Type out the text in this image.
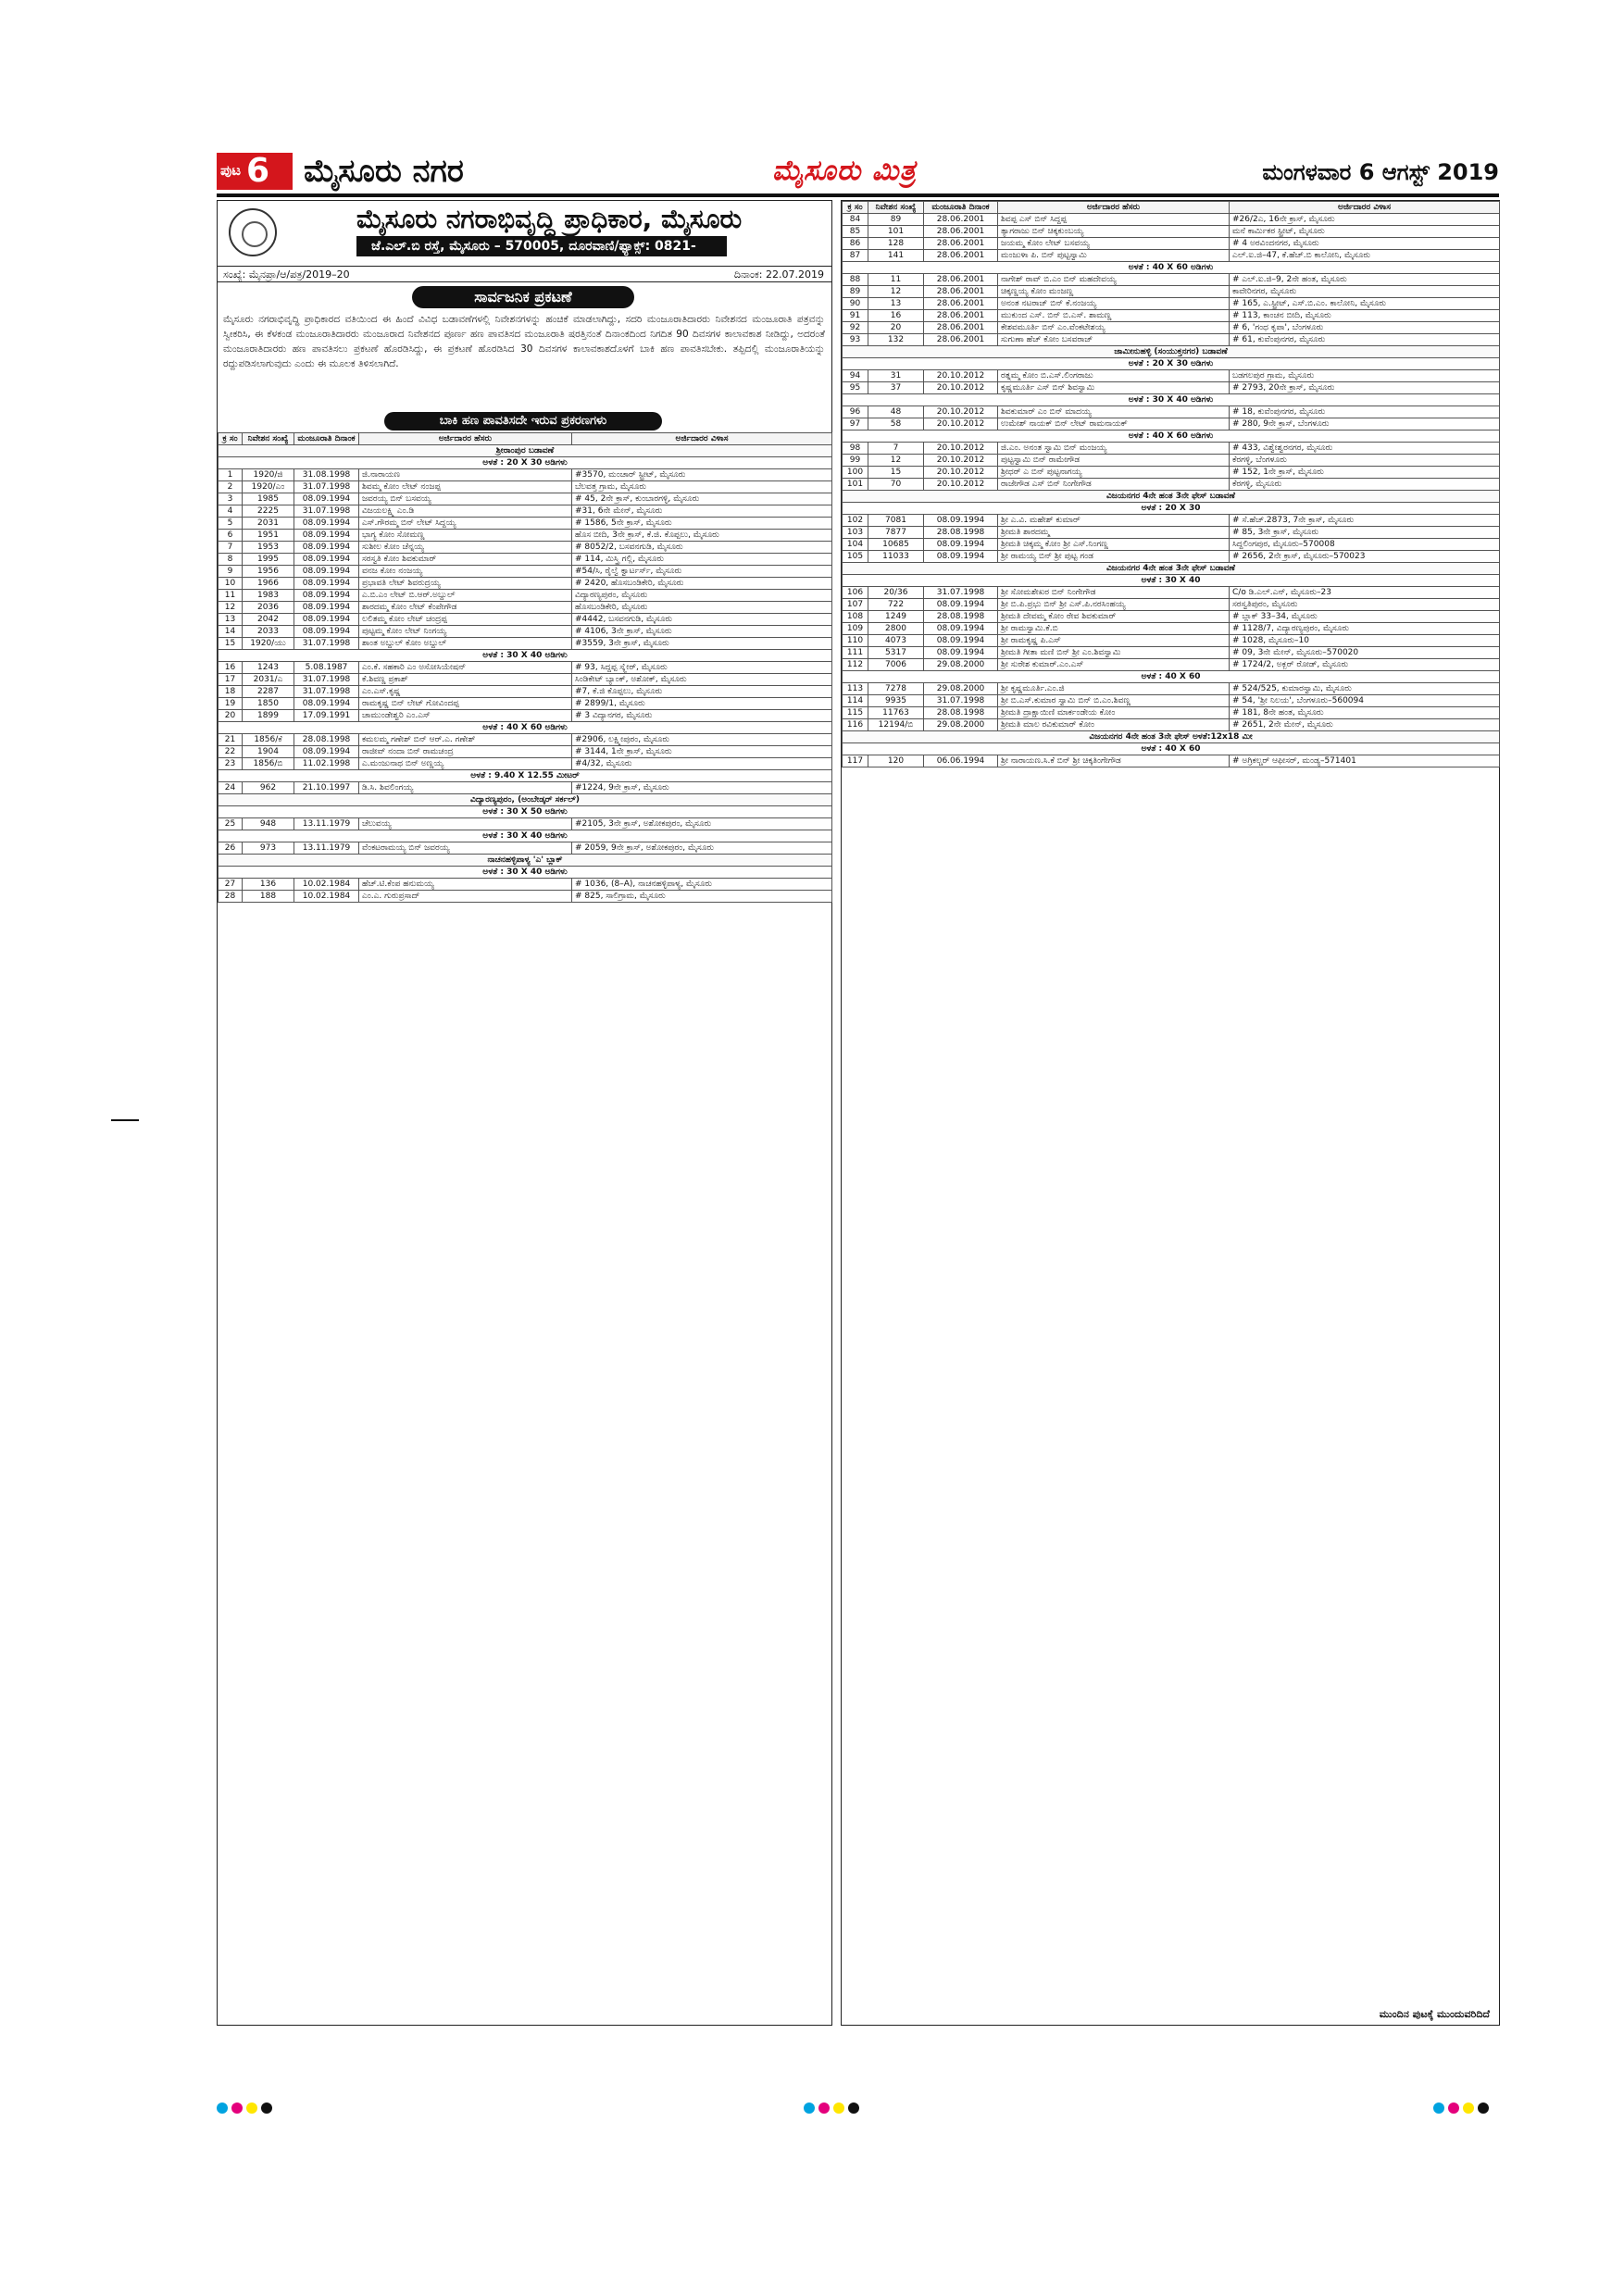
ಪುಟ 6 ಮೈಸೂರು ನಗರ	ಮೈಸೂರು ಮಿತ್ರ	ಮಂಗಳವಾರ 6 ಆಗಸ್ಟ್ 2019
ಮೈಸೂರು ನಗರಾಭಿವೃದ್ಧಿ ಪ್ರಾಧಿಕಾರ, ಮೈಸೂರು
ಜೆ.ಎಲ್.ಬಿ ರಸ್ತೆ, ಮೈಸೂರು – 570005, ದೂರವಾಣಿ/ಫ್ಯಾಕ್ಸ್: 0821-2420624
ಸಂಖ್ಯೆ: ಮೈನಪ್ರಾ/ಆ/ಪತ್ರ/2019–20	ದಿನಾಂಕ: 22.07.2019
ಸಾರ್ವಜನಿಕ ಪ್ರಕಟಣೆ
ಮೈಸೂರು ನಗರಾಭಿವೃದ್ಧಿ ಪ್ರಾಧಿಕಾರದ ವತಿಯಿಂದ ಈ ಹಿಂದೆ ವಿವಿಧ ಬಡಾವಣೆಗಳಲ್ಲಿ ನಿವೇಶನಗಳನ್ನು ಹಂಚಿಕೆ ಮಾಡಲಾಗಿದ್ದು, ಸದರಿ ಮಂಜೂರಾತಿದಾರರು ನಿವೇಶನದ ಮಂಜೂರಾತಿ ಪತ್ರವನ್ನು ಸ್ವೀಕರಿಸಿ, ಈ ಕೆಳಕಂಡ ಮಂಜೂರಾತಿದಾರರು ಮಂಜೂರಾದ ನಿವೇಶನದ ಪೂರ್ಣ ಹಣ ಪಾವತಿಸದ ಮಂಜೂರಾತಿ ಷರತ್ತಿನಂತೆ ದಿನಾಂಕದಿಂದ ನಿಗದಿತ 90 ದಿವಸಗಳ ಕಾಲಾವಕಾಶ ನೀಡಿದ್ದು, ಅದರಂತೆ ಮಂಜೂರಾತಿದಾರರು ಹಣ ಪಾವತಿಸಲು ಪ್ರಕಟಣೆ ಹೊರಡಿಸಿದ್ದು, ಈ ಪ್ರಕಟಣೆ ಹೊರಡಿಸಿದ 30 ದಿವಸಗಳ ಕಾಲಾವಕಾಶದೊಳಗೆ ಬಾಕಿ ಹಣ ಪಾವತಿಸಬೇಕು. ತಪ್ಪಿದಲ್ಲಿ ಮಂಜೂರಾತಿಯನ್ನು ರದ್ದುಪಡಿಸಲಾಗುವುದು ಎಂದು ಈ ಮೂಲಕ ತಿಳಿಸಲಾಗಿದೆ.
ಬಾಕಿ ಹಣ ಪಾವತಿಸದೇ ಇರುವ ಪ್ರಕರಣಗಳು
ಕ್ರ ಸಂ	ನಿವೇಶನ ಸಂಖ್ಯೆ	ಮಂಜೂರಾತಿ ದಿನಾಂಕ	ಅರ್ಜಿದಾರರ ಹೆಸರು	ಅರ್ಜಿದಾರರ ವಿಳಾಸ
ಶ್ರೀರಾಂಪುರ ಬಡಾವಣೆ				
ಅಳತೆ : 20 X 30 ಅಡಿಗಳು				
1	1920/ಜಿ	31.08.1998	ಜಿ.ನಾರಾಯಣ	#3570, ಮಂಚಾರ್ ಸ್ಟ್ರೀಟ್, ಮೈಸೂರು
2	1920/ಎಂ	31.07.1998	ಶಿವಮ್ಮ ಕೋಂ ಲೇಟ್ ನಂಜಪ್ಪ	ಬೆಲವತ್ತ ಗ್ರಾಮ, ಮೈಸೂರು
3	1985	08.09.1994	ಜವರಯ್ಯ ಬಿನ್ ಬಸವಯ್ಯ	# 45, 2ನೇ ಕ್ರಾಸ್, ಕುಂಬಾರಗಳ್ಳಿ, ಮೈಸೂರು
4	2225	31.07.1998	ವಿಜಯಲಕ್ಷ್ಮಿ ಎಂ.ಡಿ	#31, 6ನೇ ಮೇನ್, ಮೈಸೂರು
5	2031	08.09.1994	ಎಸ್.ಗೌರಮ್ಮ ಬಿನ್ ಲೇಟ್ ಸಿದ್ದಯ್ಯ	# 1586, 5ನೇ ಕ್ರಾಸ್, ಮೈಸೂರು
6	1951	08.09.1994	ಭಾಗ್ಯ ಕೋಂ ಸೋಮಣ್ಣ	ಹೊಸ ಬೀದಿ, 3ನೇ ಕ್ರಾಸ್, ಕೆ.ಜಿ. ಕೊಪ್ಪಲು, ಮೈಸೂರು
7	1953	08.09.1994	ಸುಶೀಲ ಕೋಂ ಚೆನ್ನಯ್ಯ	# 8052/2, ಬಸವನಗುಡಿ, ಮೈಸೂರು
8	1995	08.09.1994	ಸರಸ್ವತಿ ಕೋಂ ಶಿವಕುಮಾರ್	# 114, ಮಿಸ್ತ್ರಿ ಗಲ್ಲಿ, ಮೈಸೂರು
9	1956	08.09.1994	ವನಜ ಕೋಂ ನಂಜಯ್ಯ	#54/ಸಿ, ರೈಲ್ವೆ ಕ್ವಾರ್ಟರ್ಸ್, ಮೈಸೂರು
10	1966	08.09.1994	ಪ್ರಭಾವತಿ ಲೇಟ್ ಶಿವರುದ್ರಯ್ಯ	# 2420, ಹೊಸಬಂಡಿಕೇರಿ, ಮೈಸೂರು
11	1983	08.09.1994	ಎ.ಬಿ.ಎಂ ಲೇಟ್ ಬಿ.ಆರ್.ಅಬ್ದುಲ್	ವಿದ್ಯಾರಣ್ಯಪುರಂ, ಮೈಸೂರು
12	2036	08.09.1994	ಶಾರದಮ್ಮ ಕೋಂ ಲೇಟ್ ಕೆಂಪೇಗೌಡ	ಹೊಸಬಂಡಿಕೇರಿ, ಮೈಸೂರು
13	2042	08.09.1994	ಲಲಿತಮ್ಮ ಕೋಂ ಲೇಟ್ ಚಂದ್ರಪ್ಪ	#4442, ಬಸವನಗುಡಿ, ಮೈಸೂರು
14	2033	08.09.1994	ಪುಟ್ಟಮ್ಮ ಕೋಂ ಲೇಟ್ ನಿಂಗಯ್ಯ	# 4106, 3ನೇ ಕ್ರಾಸ್, ಮೈಸೂರು
15	1920/ಯು	31.07.1998	ಶಾಂತ ಅಬ್ದುಲ್ ಕೋಂ ಅಬ್ದುಲ್	#3559, 3ನೇ ಕ್ರಾಸ್, ಮೈಸೂರು
ಅಳತೆ : 30 X 40 ಅಡಿಗಳು				
16	1243	5.08.1987	ಎಂ.ಕೆ. ಸಹಕಾರಿ ಎಂ ಅಸೋಸಿಯೇಷನ್	# 93, ಸಿದ್ದಪ್ಪ ಸ್ಕ್ವೇರ್, ಮೈಸೂರು
17	2031/ಎ	31.07.1998	ಕೆ.ಶಿವಣ್ಣ ಪ್ರಕಾಶ್	ಸಿಂಡಿಕೇಟ್ ಬ್ಯಾಂಕ್, ಅಶೋಕ್, ಮೈಸೂರು
18	2287	31.07.1998	ಎಂ.ಎಸ್.ಕೃಷ್ಣ	#7, ಕೆ.ಜಿ ಕೊಪ್ಪಲು, ಮೈಸೂರು
19	1850	08.09.1994	ರಾಮಕೃಷ್ಣ ಬಿನ್ ಲೇಟ್ ಗೋವಿಂದಪ್ಪ	# 2899/1, ಮೈಸೂರು
20	1899	17.09.1991	ಚಾಮುಂಡೇಶ್ವರಿ ಎಂ.ಎಸ್	# 3 ವಿದ್ಯಾನಗರ, ಮೈಸೂರು
ಅಳತೆ : 40 X 60 ಅಡಿಗಳು				
21	1856/ಕೆ	28.08.1998	ಕಮಲಮ್ಮ ಗಣೇಶ್ ಬಿನ್ ಆರ್.ಎ. ಗಣೇಶ್	#2906, ಲಕ್ಷ್ಮೀಪುರಂ, ಮೈಸೂರು
22	1904	08.09.1994	ರಾಜೀವ್ ನಂದಾ ಬಿನ್ ರಾಮಚಂದ್ರ	# 3144, 1ನೇ ಕ್ರಾಸ್, ಮೈಸೂರು
23	1856/ಬಿ	11.02.1998	ಎ.ಮಂಜುನಾಥ ಬಿನ್ ಅಣ್ಣಯ್ಯ	#4/32, ಮೈಸೂರು
ಅಳತೆ : 9.40 X 12.55 ಮೀಟರ್				
24	962	21.10.1997	ಡಿ.ಸಿ. ಶಿವಲಿಂಗಯ್ಯ	#1224, 9ನೇ ಕ್ರಾಸ್, ಮೈಸೂರು
ವಿದ್ಯಾರಣ್ಯಪುರಂ, (ಅಂಬೇಡ್ಕರ್ ಸರ್ಕಲ್)				
ಅಳತೆ : 30 X 50 ಅಡಿಗಳು				
25	948	13.11.1979	ಚೆಲುವಯ್ಯ	#2105, 3ನೇ ಕ್ರಾಸ್, ಅಶೋಕಪುರಂ, ಮೈಸೂರು
ಅಳತೆ : 30 X 40 ಅಡಿಗಳು				
26	973	13.11.1979	ವೆಂಕಟರಾಮಯ್ಯ ಬಿನ್ ಜವರಯ್ಯ	# 2059, 9ನೇ ಕ್ರಾಸ್, ಅಶೋಕಪುರಂ, ಮೈಸೂರು
ನಾಚನಹಳ್ಳಿಪಾಳ್ಯ 'ಎ' ಬ್ಲಾಕ್				
ಅಳತೆ : 30 X 40 ಅಡಿಗಳು				
27	136	10.02.1984	ಹೆಚ್.ಟಿ.ಕೆಂಪ ಹನುಮಯ್ಯ	# 1036, (8–A), ನಾಚನಹಳ್ಳಿಪಾಳ್ಯ, ಮೈಸೂರು
28	188	10.02.1984	ಎಂ.ಎ. ಗುರುಪ್ರಸಾದ್	# 825, ಸಾಲಿಗ್ರಾಮ, ಮೈಸೂರು
ಕ್ರ ಸಂ	ನಿವೇಶನ ಸಂಖ್ಯೆ	ಮಂಜೂರಾತಿ ದಿನಾಂಕ	ಅರ್ಜಿದಾರರ ಹೆಸರು	ಅರ್ಜಿದಾರರ ವಿಳಾಸ
84	89	28.06.2001	ಶಿವಪ್ಪ ಎಸ್ ಬಿನ್ ಸಿದ್ದಪ್ಪ	#26/2ಎ, 16ನೇ ಕ್ರಾಸ್, ಮೈಸೂರು
85	101	28.06.2001	ತ್ಯಾಗರಾಜು ಬಿನ್ ಚಿಕ್ಕಕುಂಬಯ್ಯ	ಮನೆ ಕಾರ್ಮಿಕರ ಸ್ಟ್ರೀಟ್, ಮೈಸೂರು
86	128	28.06.2001	ಜಯಮ್ಮ ಕೋಂ ಲೇಟ್ ಬಸವಯ್ಯ	# 4 ಅರವಿಂದನಗರ, ಮೈಸೂರು
87	141	28.06.2001	ಮಂಜುಳಾ ಪಿ. ಬಿನ್ ಪುಟ್ಟಸ್ವಾಮಿ	ಎಲ್.ಐ.ಜಿ–47, ಕೆ.ಹೆಚ್.ಬಿ ಕಾಲೋನಿ, ಮೈಸೂರು
ಅಳತೆ : 40 X 60 ಅಡಿಗಳು				
88	11	28.06.2001	ನಾಗೇಶ್ ರಾವ್ ಬಿ.ಎಂ ಬಿನ್ ಮಹದೇವಯ್ಯ	# ಎಲ್.ಐ.ಜಿ–9, 2ನೇ ಹಂತ, ಮೈಸೂರು
89	12	28.06.2001	ಚಿಕ್ಕಣ್ಣಯ್ಯ ಕೋಂ ಮಂಜಣ್ಣ	ಕಾವೇರಿನಗರ, ಮೈಸೂರು
90	13	28.06.2001	ಅನಂತ ನಟರಾಜ್ ಬಿನ್ ಕೆ.ನಂಜಯ್ಯ	# 165, ಎ.ಸ್ಟ್ರೀಟ್, ಎಸ್.ಬಿ.ಎಂ. ಕಾಲೋನಿ, ಮೈಸೂರು
91	16	28.06.2001	ಮುಕುಂದ ಎಸ್. ಬಿನ್ ಬಿ.ಎಸ್. ಶಾಮಣ್ಣ	# 113, ಕಾಂಚನ ಬೀದಿ, ಮೈಸೂರು
92	20	28.06.2001	ಕೇಶವಮೂರ್ತಿ ಬಿನ್ ಎಂ.ವೆಂಕಟೇಶಯ್ಯ	# 6, 'ಗಂಧ ಕೃಪಾ', ಬೆಂಗಳೂರು
93	132	28.06.2001	ಸುಗುಣಾ ಹೆಚ್ ಕೋಂ ಬಸವರಾಜ್	# 61, ಕುವೆಂಪುನಗರ, ಮೈಸೂರು
ಜಾಮೀನುಹಳ್ಳಿ (ಸಂಯುಕ್ತನಗರ) ಬಡಾವಣೆ				
ಅಳತೆ : 20 X 30 ಅಡಿಗಳು				
94	31	20.10.2012	ರತ್ನಮ್ಮ ಕೋಂ ಬಿ.ಎಸ್.ಲಿಂಗರಾಜು	ಬಡಗಲಪುರ ಗ್ರಾಮ, ಮೈಸೂರು
95	37	20.10.2012	ಕೃಷ್ಣಮೂರ್ತಿ ಎಸ್ ಬಿನ್ ಶಿವಸ್ವಾಮಿ	# 2793, 20ನೇ ಕ್ರಾಸ್, ಮೈಸೂರು
ಅಳತೆ : 30 X 40 ಅಡಿಗಳು				
96	48	20.10.2012	ಶಿವಕುಮಾರ್ ಎಂ ಬಿನ್ ಮಾದಯ್ಯ	# 18, ಕುವೆಂಪುನಗರ, ಮೈಸೂರು
97	58	20.10.2012	ಉಮೇಶ್ ನಾಯಕ್ ಬಿನ್ ಲೇಟ್ ರಾಮನಾಯಕ್	# 280, 9ನೇ ಕ್ರಾಸ್, ಬೆಂಗಳೂರು
ಅಳತೆ : 40 X 60 ಅಡಿಗಳು				
98	7	20.10.2012	ಜಿ.ಎಂ. ಅನಂತ ಸ್ವಾಮಿ ಬಿನ್ ಮಂಜಯ್ಯ	# 433, ವಿಶ್ವೇಶ್ವರನಗರ, ಮೈಸೂರು
99	12	20.10.2012	ಪುಟ್ಟಸ್ವಾಮಿ ಬಿನ್ ರಾಮೇಗೌಡ	ಕೆರಗಳ್ಳಿ, ಬೆಂಗಳೂರು
100	15	20.10.2012	ಶ್ರೀಧರ್ ಎ ಬಿನ್ ಪುಟ್ಟನಾಗಯ್ಯ	# 152, 1ನೇ ಕ್ರಾಸ್, ಮೈಸೂರು
101	70	20.10.2012	ರಾಜೇಗೌಡ ಎಸ್ ಬಿನ್ ನಿಂಗೇಗೌಡ	ಕೆರಗಳ್ಳಿ, ಮೈಸೂರು
ವಿಜಯನಗರ 4ನೇ ಹಂತ 3ನೇ ಫೇಸ್ ಬಡಾವಣೆ				
ಅಳತೆ : 20 X 30				
102	7081	08.09.1994	ಶ್ರೀ ಎ.ವಿ. ಮಹೇಶ್ ಕುಮಾರ್	# ಸೆ.ಹೆಚ್.2873, 7ನೇ ಕ್ರಾಸ್, ಮೈಸೂರು
103	7877	28.08.1998	ಶ್ರೀಮತಿ ಶಾರದಮ್ಮ	# 85, 3ನೇ ಕ್ರಾಸ್, ಮೈಸೂರು
104	10685	08.09.1994	ಶ್ರೀಮತಿ ಚಿಕ್ಕಮ್ಮ ಕೋಂ ಶ್ರೀ ಎಸ್.ನಿಂಗಣ್ಣ	ಸಿದ್ದಲಿಂಗಪುರ, ಮೈಸೂರು–570008
105	11033	08.09.1994	ಶ್ರೀ ರಾಮಯ್ಯ ಬಿನ್ ಶ್ರೀ ಪುಟ್ಟ ಗಂಡ	# 2656, 2ನೇ ಕ್ರಾಸ್, ಮೈಸೂರು–570023
ವಿಜಯನಗರ 4ನೇ ಹಂತ 3ನೇ ಫೇಸ್ ಬಡಾವಣೆ				
ಅಳತೆ : 30 X 40				
106	20/36	31.07.1998	ಶ್ರೀ ಸೋಮಶೇಖರ ಬಿನ್ ನಿಂಗೇಗೌಡ	C/o ಡಿ.ಎಲ್.ಎನ್, ಮೈಸೂರು–23
107	722	08.09.1994	ಶ್ರೀ ಬಿ.ಪಿ.ಪ್ರಭು ಬಿನ್ ಶ್ರೀ ಎಸ್.ಪಿ.ನರಸಿಂಹಯ್ಯ	ಸರಸ್ವತಿಪುರಂ, ಮೈಸೂರು
108	1249	28.08.1998	ಶ್ರೀಮತಿ ದೇವಮ್ಮ ಕೋಂ ರೇವ ಶಿವಕುಮಾರ್	# ಬ್ಲಾಕ್ 33–34, ಮೈಸೂರು
109	2800	08.09.1994	ಶ್ರೀ ರಾಮಸ್ವಾಮಿ.ಕೆ.ಬಿ	# 1128/7, ವಿದ್ಯಾರಣ್ಯಪುರಂ, ಮೈಸೂರು
110	4073	08.09.1994	ಶ್ರೀ ರಾಮಕೃಷ್ಣ ಪಿ.ಎಸ್	# 1028, ಮೈಸೂರು–10
111	5317	08.09.1994	ಶ್ರೀಮತಿ ಗೀತಾ ಮಣಿ ಬಿನ್ ಶ್ರೀ ಎಂ.ಶಿವಸ್ವಾಮಿ	# 09, 3ನೇ ಮೇನ್, ಮೈಸೂರು–570020
112	7006	29.08.2000	ಶ್ರೀ ಸುರೇಶ ಕುಮಾರ್.ಎಂ.ಎಸ್	# 1724/2, ಅಕ್ಬರ್ ರೋಡ್, ಮೈಸೂರು
ಅಳತೆ : 40 X 60				
113	7278	29.08.2000	ಶ್ರೀ ಕೃಷ್ಣಮೂರ್ತಿ.ಎಂ.ಜಿ	# 524/525, ಕುಮಾರಸ್ವಾಮಿ, ಮೈಸೂರು
114	9935	31.07.1998	ಶ್ರೀ ಬಿ.ಎಸ್.ಕುಮಾರ ಸ್ವಾಮಿ ಬಿನ್ ಬಿ.ಎಂ.ಶಿವಣ್ಣ	# 54, 'ಶ್ರೀ ನಿಲಯ', ಬೆಂಗಳೂರು–560094
115	11763	28.08.1998	ಶ್ರೀಮತಿ ದ್ರಾಕ್ಷಾಯಿಣಿ ಮಾರ್ಕಂಡೇಯ ಕೋಂ	# 181, 8ನೇ ಹಂತ, ಮೈಸೂರು
116	12194/ಬಿ	29.08.2000	ಶ್ರೀಮತಿ ಮಾಲ ರವಿಕುಮಾರ್ ಕೋಂ	# 2651, 2ನೇ ಮೇನ್, ಮೈಸೂರು
ವಿಜಯನಗರ 4ನೇ ಹಂತ 3ನೇ ಫೇಸ್ ಅಳತೆ:12x18 ಮೀ				
ಅಳತೆ : 40 X 60				
117	120	06.06.1994	ಶ್ರೀ ನಾರಾಯಣ.ಸಿ.ಕೆ ಬಿನ್ ಶ್ರೀ ಚಿಕ್ಕತಿಂಗೇಗೌಡ	# ಅಗ್ರಿಕಲ್ಚರ್ ಆಫೀಸರ್, ಮಂಡ್ಯ–571401
ಮುಂದಿನ ಪುಟಕ್ಕೆ ಮುಂದುವರಿದಿದೆ
